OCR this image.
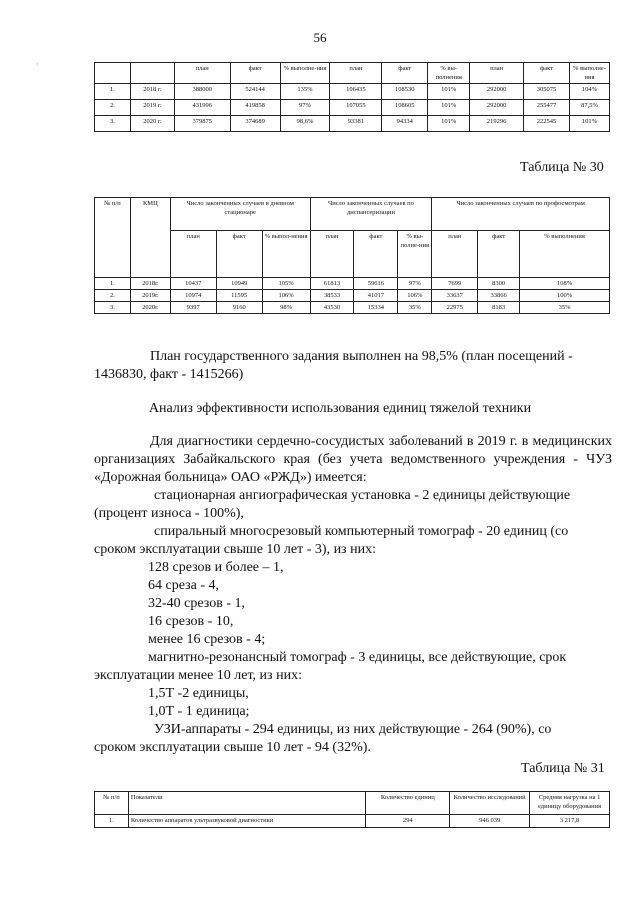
56
·
			план	факт	% выполне-ния	план	факт	% вы-полнения	план	факт	% выполне-ния
1.	2018 г.	388000	524144	135%	106435	108530	101%	292000	305075	104%
2.	2019 г.	431996	419858	97%	107055	108605	101%	292000	255477	87,5%
3.	2020 г.	379875	374689	98,6%	93381	94334	101%	219296	222545	101%
Таблица № 30
№ п/п	КМЦ	Число законченных случаев в дневном стационаре			Число законченных случаев по диспансеризации			Число законченных случаев по профосмотрам		
		план	факт	% выпол-нения	план	факт	% вы-полне-ния	план	факт	% выполнения
1.	2018г.	10437	10949	105%	61813	59616	97%	7699	8300	108%
2.	2019г.	10974	11595	106%	38533	41017	106%	33637	33866	100%
3.	2020г.	9397	9160	98%	43530	15334	35%	22975	8183	35%
План государственного задания выполнен на 98,5% (план посещений -
1436830, факт - 1415266)
Анализ эффективности использования единиц тяжелой техники
Для диагностики сердечно-сосудистых заболеваний в 2019 г. в медицинских организациях Забайкальского края (без учета ведомственного учреждения - ЧУЗ «Дорожная больница» ОАО «РЖД») имеется:
стационарная ангиографическая установка - 2 единицы действующие
(процент износа - 100%),
спиральный многосрезовый компьютерный томограф - 20 единиц (со
сроком эксплуатации свыше 10 лет - 3), из них:
128 срезов и более – 1,
64 среза - 4,
32-40 срезов - 1,
16 срезов - 10,
менее 16 срезов - 4;
магнитно-резонансный томограф - 3 единицы, все действующие, срок
эксплуатации менее 10 лет, из них:
1,5Т -2 единицы,
1,0Т - 1 единица;
УЗИ-аппараты - 294 единицы, из них действующие - 264 (90%), со
сроком эксплуатации свыше 10 лет - 94 (32%).
Таблица № 31
№ п/п	Показатели	Количество единиц	Количество исследований	Средняя нагрузка на 1 единицу оборудования
1.	Количество аппаратов ультразвуковой диагностики	294	946 039	3 217,8
